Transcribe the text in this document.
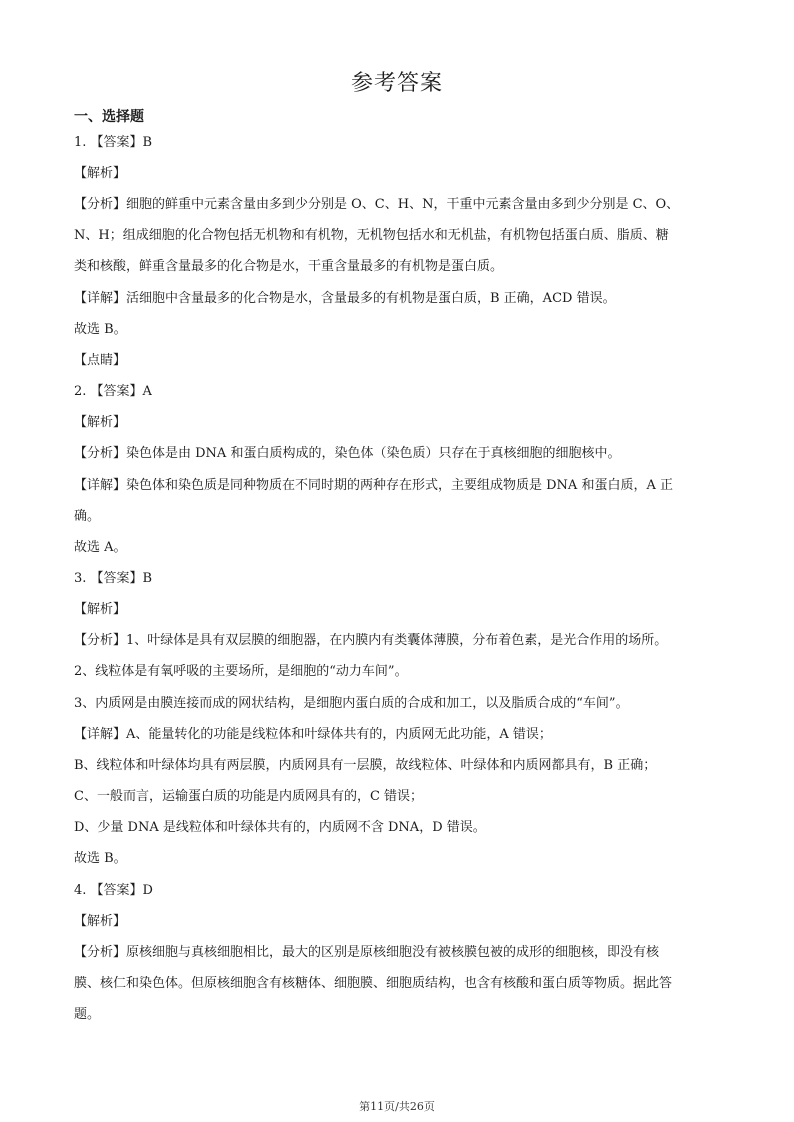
参考答案
一、选择题
1. 【答案】B
【解析】
【分析】细胞的鲜重中元素含量由多到少分别是 O、C、H、N，干重中元素含量由多到少分别是 C、O、
N、H；组成细胞的化合物包括无机物和有机物，无机物包括水和无机盐，有机物包括蛋白质、脂质、糖
类和核酸，鲜重含量最多的化合物是水，干重含量最多的有机物是蛋白质。
【详解】活细胞中含量最多的化合物是水，含量最多的有机物是蛋白质，B 正确，ACD 错误。
故选 B。
【点睛】
2. 【答案】A
【解析】
【分析】染色体是由 DNA 和蛋白质构成的，染色体（染色质）只存在于真核细胞的细胞核中。
【详解】染色体和染色质是同种物质在不同时期的两种存在形式，主要组成物质是 DNA 和蛋白质，A 正
确。
故选 A。
3. 【答案】B
【解析】
【分析】1、叶绿体是具有双层膜的细胞器，在内膜内有类囊体薄膜，分布着色素，是光合作用的场所。
2、线粒体是有氧呼吸的主要场所，是细胞的“动力车间”。
3、内质网是由膜连接而成的网状结构，是细胞内蛋白质的合成和加工，以及脂质合成的“车间”。
【详解】A、能量转化的功能是线粒体和叶绿体共有的，内质网无此功能，A 错误；
B、线粒体和叶绿体均具有两层膜，内质网具有一层膜，故线粒体、叶绿体和内质网都具有，B 正确；
C、一般而言，运输蛋白质的功能是内质网具有的，C 错误；
D、少量 DNA 是线粒体和叶绿体共有的，内质网不含 DNA，D 错误。
故选 B。
4. 【答案】D
【解析】
【分析】原核细胞与真核细胞相比，最大的区别是原核细胞没有被核膜包被的成形的细胞核，即没有核
膜、核仁和染色体。但原核细胞含有核糖体、细胞膜、细胞质结构，也含有核酸和蛋白质等物质。据此答
题。
第11页/共26页
